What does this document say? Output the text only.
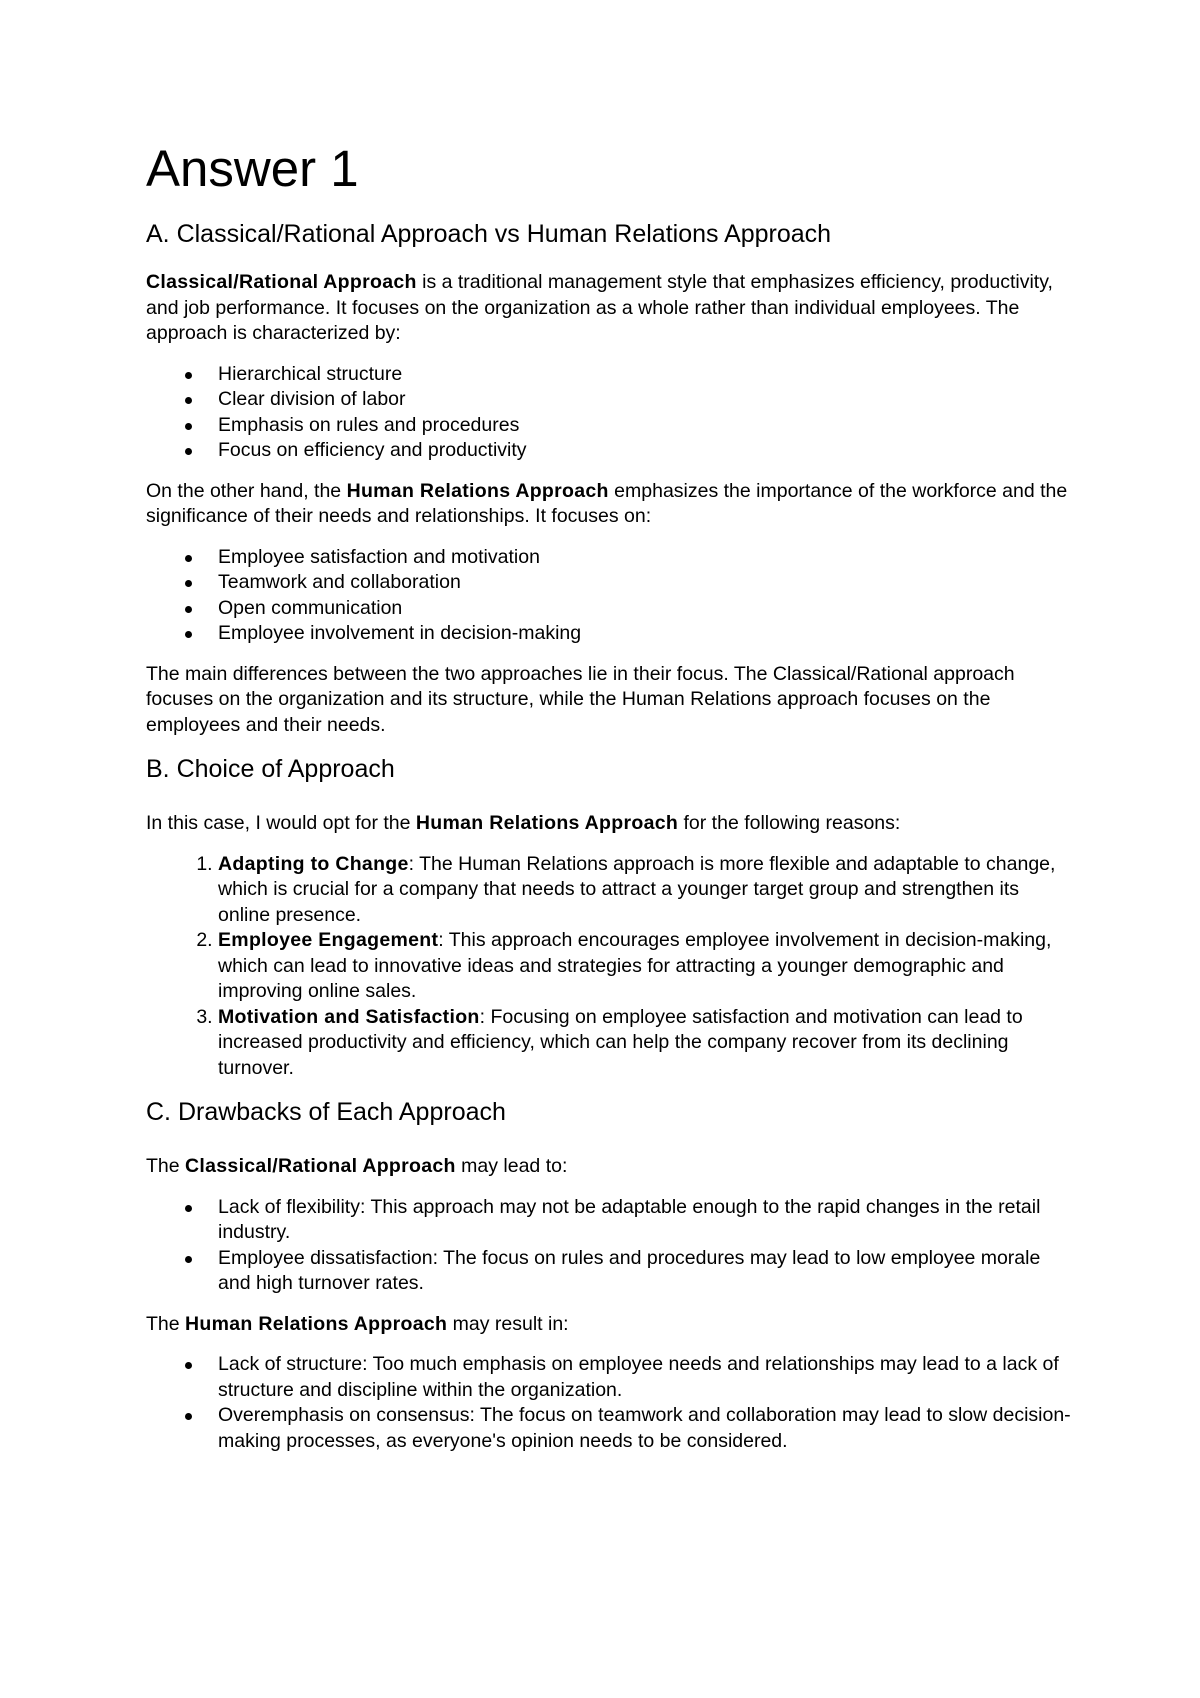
Answer 1
A. Classical/Rational Approach vs Human Relations Approach

Classical/Rational Approach is a traditional management style that emphasizes efficiency, productivity, and job performance. It focuses on the organization as a whole rather than individual employees. The approach is characterized by:

Hierarchical structure
Clear division of labor
Emphasis on rules and procedures
Focus on efficiency and productivity

On the other hand, the Human Relations Approach emphasizes the importance of the workforce and the significance of their needs and relationships. It focuses on:

Employee satisfaction and motivation
Teamwork and collaboration
Open communication
Employee involvement in decision-making

The main differences between the two approaches lie in their focus. The Classical/Rational approach focuses on the organization and its structure, while the Human Relations approach focuses on the employees and their needs.

B. Choice of Approach

In this case, I would opt for the Human Relations Approach for the following reasons:

1. Adapting to Change: The Human Relations approach is more flexible and adaptable to change, which is crucial for a company that needs to attract a younger target group and strengthen its online presence.
2. Employee Engagement: This approach encourages employee involvement in decision-making, which can lead to innovative ideas and strategies for attracting a younger demographic and improving online sales.
3. Motivation and Satisfaction: Focusing on employee satisfaction and motivation can lead to increased productivity and efficiency, which can help the company recover from its declining turnover.
C. Drawbacks of Each Approach

The Classical/Rational Approach may lead to:

Lack of flexibility: This approach may not be adaptable enough to the rapid changes in the retail industry.
Employee dissatisfaction: The focus on rules and procedures may lead to low employee morale and high turnover rates.

The Human Relations Approach may result in:

Lack of structure: Too much emphasis on employee needs and relationships may lead to a lack of structure and discipline within the organization.
Overemphasis on consensus: The focus on teamwork and collaboration may lead to slow decision-making processes, as everyone's opinion needs to be considered.
